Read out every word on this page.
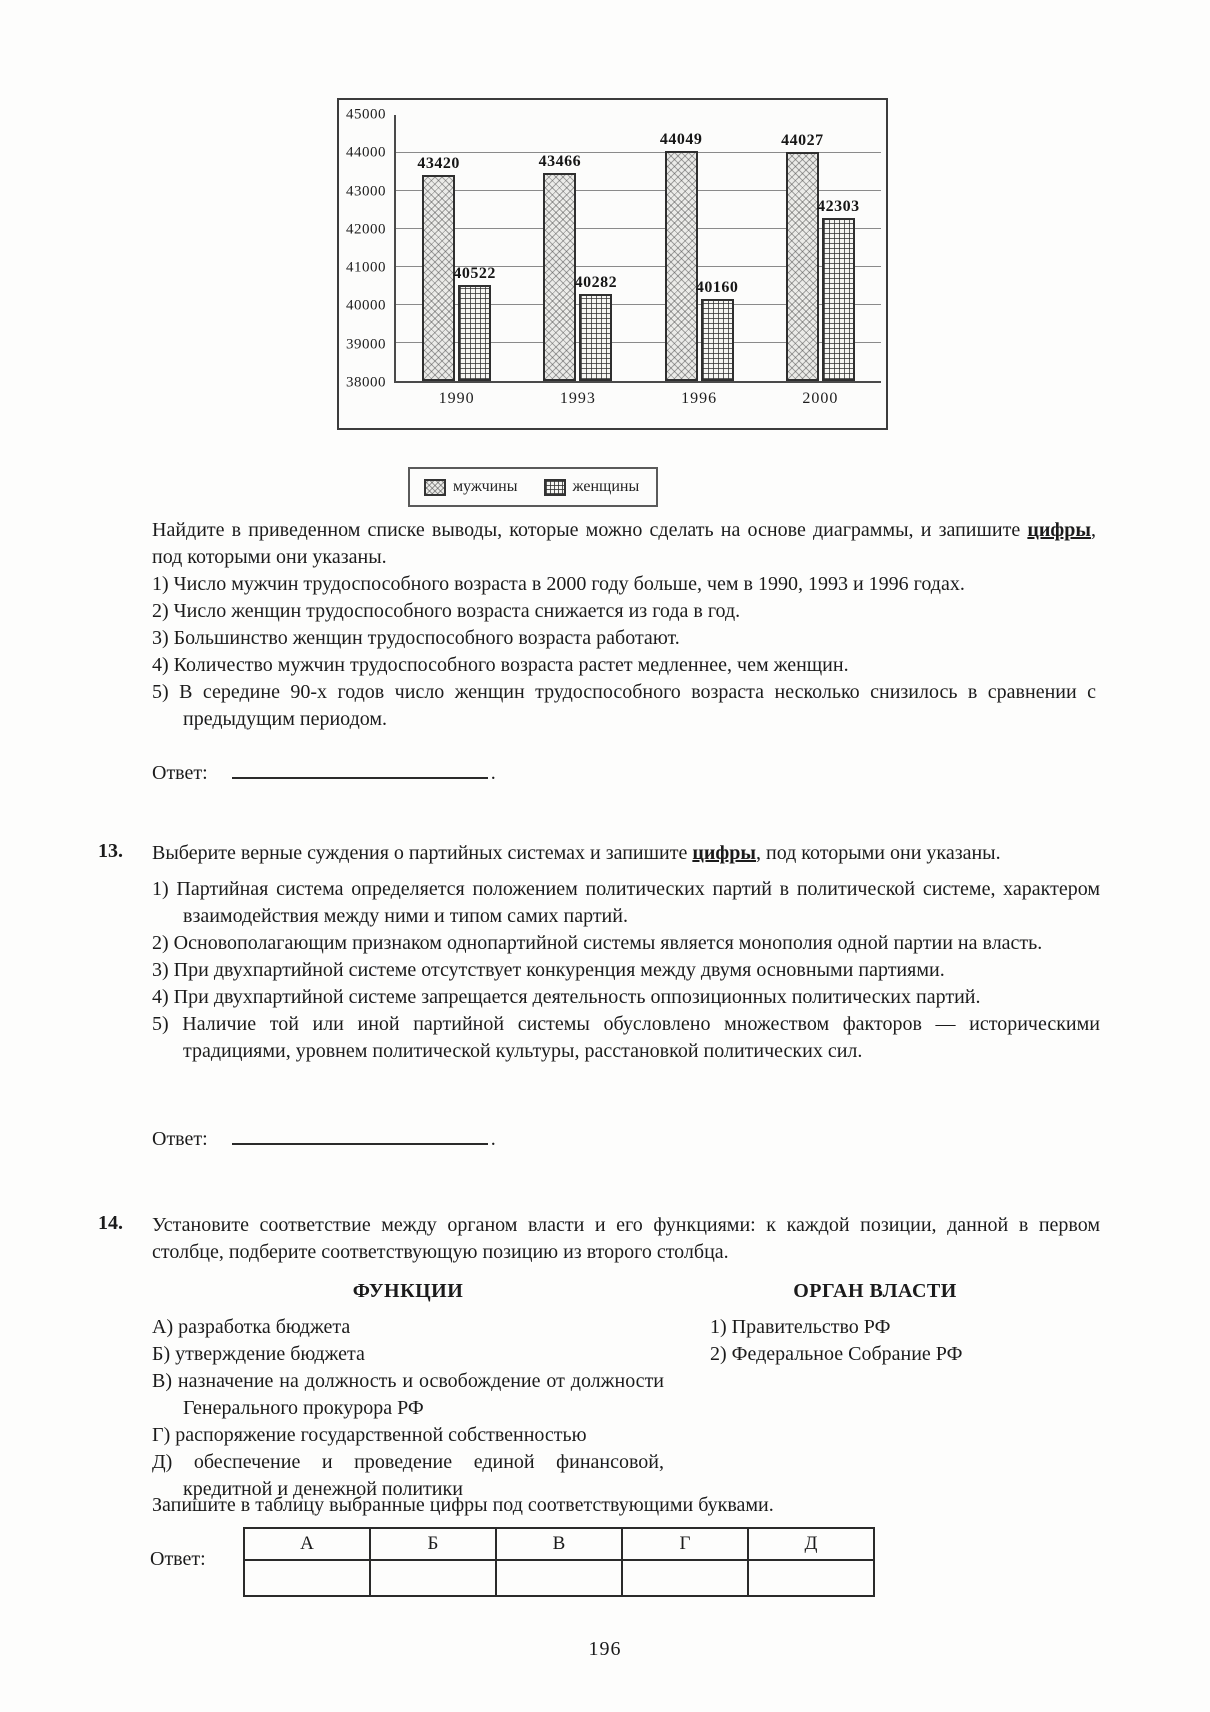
45000
44000
43000
42000
41000
40000
39000
38000
43420
40522
1990
43466
40282
1993
44049
40160
1996
44027
42303
2000
мужчины	женщины
Найдите в приведенном списке выводы, которые можно сделать на основе диаграммы, и запишите цифры, под которыми они указаны.
1) Число мужчин трудоспособного возраста в 2000 году больше, чем в 1990, 1993 и 1996 годах.
2) Число женщин трудоспособного возраста снижается из года в год.
3) Большинство женщин трудоспособного возраста работают.
4) Количество мужчин трудоспособного возраста растет медленнее, чем женщин.
5) В середине 90-х годов число женщин трудоспособного возраста несколько снизилось в сравнении с предыдущим периодом.
Ответ:	.
13. Выберите верные суждения о партийных системах и запишите цифры, под которыми они указаны.
1) Партийная система определяется положением политических партий в политической системе, характером взаимодействия между ними и типом самих партий.
2) Основополагающим признаком однопартийной системы является монополия одной партии на власть.
3) При двухпартийной системе отсутствует конкуренция между двумя основными партиями.
4) При двухпартийной системе запрещается деятельность оппозиционных политических партий.
5) Наличие той или иной партийной системы обусловлено множеством факторов — историческими традициями, уровнем политической культуры, расстановкой политических сил.
Ответ:	.
14. Установите соответствие между органом власти и его функциями: к каждой позиции, данной в первом столбце, подберите соответствующую позицию из второго столбца.
ФУНКЦИИ
А) разработка бюджета
Б) утверждение бюджета
В) назначение на должность и освобождение от должности Генерального прокурора РФ
Г) распоряжение государственной собственностью
Д) обеспечение и проведение единой финансовой, кредитной и денежной политики
ОРГАН ВЛАСТИ
1) Правительство РФ
2) Федеральное Собрание РФ
Запишите в таблицу выбранные цифры под соответствующими буквами.
Ответ:
А	Б	В	Г	Д

196
